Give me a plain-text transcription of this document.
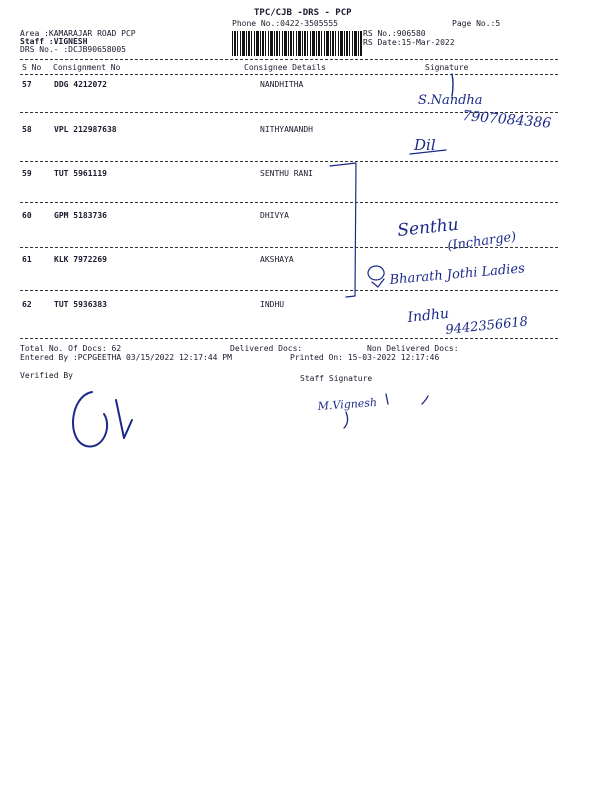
TPC/CJB -DRS - PCP
Phone No.:0422-3505555	Page No.:5
Area :KAMARAJAR ROAD PCP
Staff :VIGNESH
DRS No.- :DCJB90658005
RS No.:906580
RS Date:15-Mar-2022
S No Consignment No	Consignee Details	Signature
57	DDG 4212072	NANDHITHA
58	VPL 212987638	NITHYANANDH
59	TUT 5961119	SENTHU RANI
60	GPM 5183736	DHIVYA
61	KLK 7972269	AKSHAYA
62	TUT 5936383	INDHU
Total No. Of Docs: 62	Delivered Docs:	Non Delivered Docs:
Entered By :PCPGEETHA 03/15/2022 12:17:44 PM	Printed On: 15-03-2022 12:17:46
Verified By	Staff Signature
S.Nandha
7907084386
Dil
Senthu
(Incharge)
Bharath Jothi Ladies
Indhu
9442356618
M.Vignesh
